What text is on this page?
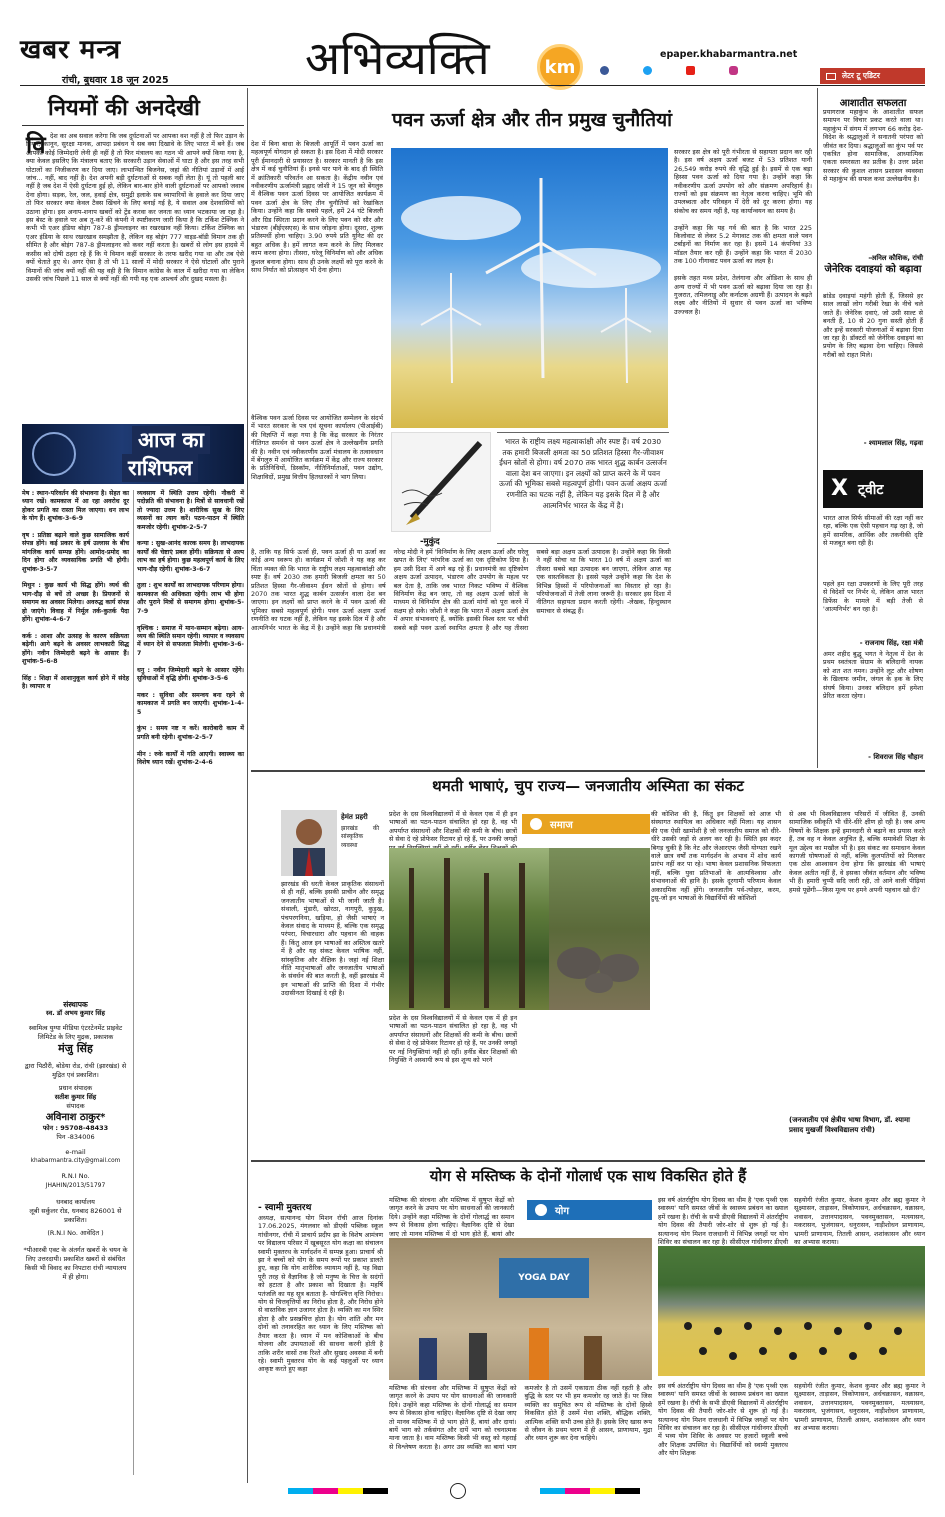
खबर मन्त्र
रांची, बुधवार 18 जून 2025	अभिव्यक्ति	km
epaper.khabarmantra.net
नियमों की अनदेखी
वि देश का अब सवाल करेगा कि जब दुर्घटनाओं पर आपका वश नहीं है तो फिर उड़ान के नियम, कानून, सुरक्षा मानक, आपदा प्रबंधन ये सब क्या दिखावे के लिए भारत में बने हैं। जब आपको कोई जिम्मेदारी लेनी ही नहीं है तो फिर मंत्रालय का गठन भी आपने क्यों किया गया है, क्या केवल इसलिए कि मंत्रालय बताए कि सरकारी उड़ान सेवाओं में घाटा है और इस तरह सभी घोटालों का निजीकरण कर दिया जाए। लाभान्वित बिजनेस, जहां की नीतियां उड़ानों में आई जांच... नहीं, बाद नहीं है। देश अपनी बड़ी दुर्घटनाओं से सबक नहीं लेता है। यूं तो पहली बार नहीं है जब देश में ऐसी दुर्घटना हुई हो, लेकिन बार-बार होने वाली दुर्घटनाओं पर आपको जवाब देना होगा। सड़क, रेल, जल, हवाई क्षेत्र, समुद्री इलाके सब व्यापारियों के हवाले कर दिया जाए तो फिर सरकार क्या केवल टैक्स खिंचने के लिए बनाई गई है, ये सवाल अब देशवासियों को उठाना होगा। इस अनाप-शनाप खबरों को ट्रेंड करवा कर जनता का ध्यान भटकाया जा रहा है। इस बेस्ट के हवाले पर अब तू-करें की कंपनी ने स्पष्टीकरण जारी किया है कि टर्किश टेक्निक ने कभी भी एअर इंडिया बोइंग 787-8 ड्रीमलाइनर का रखरखाव नहीं किया। टर्किश टेक्निक का एअर इंडिया के साथ रखरखाव समझौता है, लेकिन वह बोइंग 777 वाइड-बॉडी विमान तक ही सीमित है और बोइंग 787-8 ड्रीमलाइनर को कवर नहीं करता है। खबरों से लोग इस हादसे में कसीस को दोषी ठहरा रहे हैं कि ये विमान कहीं सरकार के तरफ खरीद गया था और तब ऐसे क्यों चेताते हुए थे। अगर ऐसा है तो भी 11 सालों में मोदी सरकार ने ऐसे घोटालों और पुराने विमानों की जांच क्यों नहीं की यह वही है कि विमान कांग्रेस के काल में खरीदा गया था लेकिन उसकी जांच पिछले 11 साल से क्यों नहीं की गयी यह एक आश्चर्य और दुखद मसला है।
आज का
राशिफल
मेष : स्थान-परिवर्तन की संभावना है। सेहत का ध्यान रखें। कामकाज में आ रहा अवरोध दूर होकर प्रगति का रास्ता मिल जाएगा। धन लाभ के योग हैं। शुभांक-3-6-9

वृष : प्रतिष्ठा बढ़ाने वाले कुछ सामाजिक कार्य संपन्न होंगे। कई प्रकार के हर्ष उल्लास के बीच मांगलिक कार्य सम्पन्न होंगे। आमोद-प्रमोद का दिन होगा और व्यवसायिक प्रगति भी होगी। शुभांक-3-5-7

मिथुन : कुछ कार्य भी सिद्ध होंगे। व्यर्थ की भाग-दौड़ से बचें तो अच्छा है। प्रियजनों से समागम का अवसर मिलेगा। अवरुद्ध कार्य संपन्न हो जाएंगे। विवाह में निर्मूल तर्क-कुतर्क पैदा होंगे। शुभांक-4-6-7

कर्क : आशा और उत्साह के कारण सक्रियता बढ़ेगी। आगे बढ़ने के अवसर लाभकारी सिद्ध होंगे। नवीन जिम्मेदारी बढ़ने के आसार हैं। शुभांक-5-6-8

सिंह : शिक्षा में आशानुकूल कार्य होने में संदेह है। व्यापार व
व्यवसाय में स्थिति उत्तम रहेगी। नौकरी में पदोन्नति की संभावना है। मित्रों से सावधानी रखें तो ज्यादा उत्तम है। शारीरिक सुख के लिए व्यसनों का त्याग करें। पठन-पाठन में स्थिति कमजोर रहेगी। शुभांक-2-5-7

कन्या : सुख-आनंद कारक समय है। लाभदायक कार्यों की चेष्टाएं प्रबल होंगी। सक्रियता से अल्प लाभ का हर्ष होगा। कुछ महत्वपूर्ण कार्य के लिए भाग-दौड़ रहेगी। शुभांक-3-6-7

तुला : शुभ कार्यों का लाभदायक परिणाम होगा। कामकाज की अधिकता रहेगी। लाभ भी होगा और पुराने मित्रों से समागम होगा। शुभांक-5-7-9

वृश्चिक : समाज में मान-सम्मान बढ़ेगा। आय-व्यय की स्थिति समान रहेगी। व्यापार व व्यवसाय में ध्यान देने से सफलता मिलेगी। शुभांक-3-6-7

धनु : नवीन जिम्मेदारी बढ़ने के आसार रहेंगे। सुविधाओं में वृद्धि होगी। शुभांक-3-5-6

मकर : सुविधा और समन्वय बना रहने से कामकाज में प्रगति बन जाएगी। शुभांक-1-4-5

कुंभ : समय नष्ट न करें। कारोबारी काम में प्रगति बनी रहेगी। शुभांक-2-5-7

मीन : रुके कार्यों में गति आएगी। स्वास्थ्य का विशेष ध्यान रखें। शुभांक-2-4-6
संस्थापक
स्व. डॉ अभय कुमार सिंह
स्वामित्व युग्या मीडिया एंटरटेनमेंट प्राइवेट लिमिटेड के लिए मुद्रक, प्रकाशक
मंजु सिंह
द्वारा पिठौरी, बोडेया रोड, रांची (झारखंड) से मुद्रित एवं प्रकाशित।
प्रधान संपादक
सतीश कुमार सिंह
संपादक
अविनाश ठाकुर*
फोन : 95708-48433
पिन -834006
e-mail
khabarmantra.city@gmail.com
R.N.I No.
JHAHIN/2013/51797
धनबाद कार्यालय
लूबी सर्कुलर रोड, धनबाद 826001 से प्रकाशित।
(R.N.I No. आवेदित )
*पीआरबी एक्ट के अंतर्गत खबरों के चयन के लिए उत्तरदायी। प्रकाशित खबरों से संबंधित किसी भी विवाद का निपटारा रांची न्यायालय में ही होगा।
पवन ऊर्जा क्षेत्र और तीन प्रमुख चुनौतियां
देश में बिना बाधा के बिजली आपूर्ति में पवन ऊर्जा का महत्वपूर्ण योगदान हो सकता है। इस दिशा में मोदी सरकार पूरी ईमानदारी से प्रयासरत है। सरकार मानती है कि इस क्षेत्र में कई चुनौतियां हैं। इनसे पार पाने के बाद ही स्थिति में क्रांतिकारी परिवर्तन आ सकता है। केंद्रीय नवीन एवं नवीकरणीय ऊर्जामंत्री प्रह्लाद जोशी ने 15 जून को बेंगलुरु में वैश्विक पवन ऊर्जा दिवस पर आयोजित कार्यक्रम में पवन ऊर्जा क्षेत्र के लिए तीन चुनौतियों को रेखांकित किया। उन्होंने कहा कि सबसे पहले, हमें 24 घंटे बिजली और ग्रिड स्थिरता प्रदान करने के लिए पवन को सौर और भंडारण (बीईएसएस) के साथ जोड़ना होगा। दूसरा, शुल्क प्रतिस्पर्धी होना चाहिए। 3.90 रुपये प्रति यूनिट की दर बहुत अधिक है। हमें लागत कम करने के लिए मिलकर काम करना होगा। तीसरा, घरेलू विनिर्माण को और अधिक कुशल बनाना होगा। साथ ही उनके लक्ष्यों को पूरा करने के साथ निर्यात को प्रोत्साहन भी देना होगा।
वैश्विक पवन ऊर्जा दिवस पर आयोजित सम्मेलन के संदर्भ में भारत सरकार के पत्र एवं सूचना कार्यालय (पीआईबी) की विज्ञप्ति में कहा गया है कि केंद्र सरकार के निरंतर नीतिगत समर्थन से पवन ऊर्जा क्षेत्र ने उल्लेखनीय प्रगति की है। नवीन एवं नवीकरणीय ऊर्जा मंत्रालय के तत्वावधान में बेंगलुरु में आयोजित कार्यक्रम में केंद्र और राज्य सरकार के प्रतिनिधियों, डिस्कॉम, नीतिनिर्माताओं, पवन उद्योग, शिक्षाविदों, प्रमुख वित्तीय हितधारकों ने भाग लिया।
सरकार इस क्षेत्र को पूरी गंभीरता से सहायता प्रदान कर रही है। इस वर्ष अक्षय ऊर्जा बजट में 53 प्रतिशत यानी 26,549 करोड़ रुपये की वृद्धि हुई है। इसमें से एक बड़ा हिस्सा पवन ऊर्जा को दिया गया है। उन्होंने कहा कि नवीकरणीय ऊर्जा उपयोग को और संक्रमण अपरिहार्य है। राज्यों को इस संक्रमण का नेतृत्व करना चाहिए। भूमि की उपलब्धता और परिवहन में देरी को दूर करना होगा। यह संकोच का समय नहीं है, यह कार्यान्वयन का समय है।

उन्होंने कहा कि यह गर्व की बात है कि भारत 225 किलोवाट से लेकर 5.2 मेगावाट तक की क्षमता वाले पवन टर्बाइनों का निर्माण कर रहा है। इसमें 14 कंपनियां 33 मॉडल तैयार कर रही हैं। उन्होंने कहा कि भारत में 2030 तक 100 गीगावाट पवन ऊर्जा का लक्ष्य है।

इसके तहत मध्य प्रदेश, तेलंगाना और ओडिशा के साथ ही अन्य राज्यों में भी पवन ऊर्जा को बढ़ावा दिया जा रहा है। गुजरात, तमिलनाडु और कर्नाटक अग्रणी हैं। उत्पादन के बढ़ते लक्ष्य और नीतियों में सुधार से पवन ऊर्जा का भविष्य उज्ज्वल है।
-मुकुंद
भारत के राष्ट्रीय लक्ष्य महत्वाकांक्षी और स्पष्ट हैं। वर्ष 2030 तक हमारी बिजली क्षमता का 50 प्रतिशत हिस्सा गैर-जीवाश्म ईंधन स्रोतों से होगा। वर्ष 2070 तक भारत शुद्ध कार्बन उत्सर्जन वाला देश बन जाएगा। इन लक्ष्यों को प्राप्त करने के में पवन ऊर्जा की भूमिका सबसे महत्वपूर्ण होगी। पवन ऊर्जा अक्षय ऊर्जा रणनीति का घटक नहीं है, लेकिन यह इसके दिल में है और आत्मनिर्भर भारत के केंद्र में है।
है, ताकि यह सिर्फ ऊर्जा ही, पवन ऊर्जा ही या ऊर्जा का कोई अन्य स्वरूप हो। कार्यक्रम में जोशी ने यह कह कर चिंता व्यक्त की कि भारत के राष्ट्रीय लक्ष्य महत्वाकांक्षी और स्पष्ट हैं। वर्ष 2030 तक हमारी बिजली क्षमता का 50 प्रतिशत हिस्सा गैर-जीवाश्म ईंधन स्रोतों से होगा। वर्ष 2070 तक भारत शुद्ध कार्बन उत्सर्जन वाला देश बन जाएगा। इन लक्ष्यों को प्राप्त करने के में पवन ऊर्जा की भूमिका सबसे महत्वपूर्ण होगी। पवन ऊर्जा अक्षय ऊर्जा रणनीति का घटक नहीं है, लेकिन यह इसके दिल में है और आत्मनिर्भर भारत के केंद्र में है। उन्होंने कहा कि प्रधानमंत्री नरेन्द्र मोदी ने हमें 'विनिर्माण के लिए अक्षय ऊर्जा और घरेलू खपत के लिए' परंपरिक ऊर्जा का एक दृष्टिकोण दिया है। हम उसी दिशा में आगे बढ़ रहे हैं। प्रधानमंत्री का दृष्टिकोण अक्षय ऊर्जा उत्पादन, भंडारण और उपयोग के महत्व पर बल देता है, ताकि जब भारत निकट भविष्य में वैश्विक विनिर्माण केंद्र बन जाए, तो वह अक्षय ऊर्जा स्रोतों के माध्यम से विनिर्माण क्षेत्र की ऊर्जा मांगों को पूरा करने में सक्षम हो सके। जोशी ने कहा कि भारत में अक्षय ऊर्जा क्षेत्र में अपार संभावनाएं हैं, क्योंकि इसकी विश्व स्तर पर चौथी सबसे बड़ी पवन ऊर्जा स्थापित क्षमता है और यह तीसरा सबसे बड़ा अक्षय ऊर्जा उत्पादक है। उन्होंने कहा कि किसी ने नहीं सोचा था कि भारत 10 वर्ष में अक्षय ऊर्जा का तीसरा सबसे बड़ा उत्पादक बन जाएगा, लेकिन आज यह एक वास्तविकता है। इससे पहले उन्होंने कहा कि देश के विभिन्न हिस्सों में परियोजनाओं का विस्तार हो रहा है। परियोजनाओं में तेजी लाना जरूरी है। सरकार इस दिशा में नीतिगत सहायता प्रदान करती रहेगी। -लेखक, हिन्दुस्थान समाचार से संबद्ध हैं।
लेटर टू एडिटर
आशातीत सफलता
प्रयागराज महाकुंभ के आशातीत सफल समापन पर विचार प्रकट करते वाला था। महाकुंभ में संगम में लगभग 66 करोड़ देश-विदेश के श्रद्धालुओं ने सनातनी परंपरा को जीवंत कर दिया। श्रद्धालुओं का कुंभ पर्व पर एकत्रित होना सामाजिक, आध्यात्मिक एकता समरसता का प्रतीक है। उत्तर प्रदेश सरकार की कुशल शासन प्रशासन व्यवस्था से महाकुंभ की सफल कथा उल्लेखनीय है।
-अनिल कौशिक, रांची
जेनेरिक दवाइयां को बढ़ावा
ब्रांडेड दवाइयां महंगी होती हैं, जिससे हर साल लाखों लोग गरीबी रेखा के नीचे चले जाते हैं। जेनेरिक दवाएं, जो उसी साल्ट से बनती हैं, 10 से 20 गुना सस्ती होती हैं और इन्हें सरकारी योजनाओं में बढ़ावा दिया जा रहा है। डॉक्टरों को जेनेरिक दवाइयां का प्रयोग के लिए बढ़ावा देना चाहिए। जिससे गरीबों को राहत मिले।
- श्यामलाल सिंह, गढ़वा
X ट्वीट
भारत आज सिर्फ सीमाओं की रक्षा नहीं कर रहा, बल्कि एक ऐसी पहचान गढ़ रहा है, जो हमें सामरिक, आर्थिक और तकनीकी दृष्टि से मजबूत बना रही है।
पहले हम रक्षा उपकरणों के लिए पूरी तरह से विदेशों पर निर्भर थे, लेकिन आज भारत डिफेंस के मामले में बड़ी तेजी से 'आत्मनिर्भर' बन रहा है।
- राजनाथ सिंह, रक्षा मंत्री
अमर शहीद बुद्धू भगत ने नेतृत्व में देश के प्रथम स्वतंत्रता संग्राम के बलिदानी नायक को शत शत नमन। उन्होंने लूट और शोषण के खिलाफ जमीन, जंगल के हक के लिए संघर्ष किया। उनका बलिदान हमें हमेशा प्रेरित करता रहेगा।
- शिवराज सिंह चौहान
थमती भाषाएं, चुप राज्य— जनजातीय अस्मिता का संकट
हेमंत प्रहरी
झारखंड की सांस्कृतिक व्यवस्था
झारखंड की धरती केवल प्राकृतिक संसाधनों से ही नहीं, बल्कि इसकी प्राचीन और समृद्ध जनजातीय भाषाओं से भी जानी जाती है। संथाली, मुंडारी, खोरठा, नागपुरी, कुड़ुख, पंचपरगनिया, खड़िया, हो जैसी भाषाएं न केवल संवाद के माध्यम हैं, बल्कि एक समृद्ध परंपरा, विचारधारा और पहचान की वाहक हैं। किंतु आज इन भाषाओं का अस्तित्व खतरे में है और यह संकट केवल भाषिक नहीं, सांस्कृतिक और शैक्षिक है। जहां नई शिक्षा नीति मातृभाषाओं और जनजातीय भाषाओं के संवर्धन की बात करती है, वहीं झारखंड में इन भाषाओं की प्राप्ति की दिशा में गंभीर उदासीनता दिखाई दे रही है।
प्रदेश के दस विश्वविद्यालयों में से केवल एक में ही इन भाषाओं का पठन-पाठन संचालित हो रहा है, वह भी अपर्याप्त संसाधनों और शिक्षकों की कमी के बीच। छात्रों से सेवा दे रहे प्रोफेसर रिटायर हो रहे हैं, पर उनकी जगहों
समाज
प्रदेश के दस विश्वविद्यालयों में से केवल एक में ही इन भाषाओं का पठन-पाठन संचालित हो रहा है, वह भी अपर्याप्त संसाधनों और शिक्षकों की कमी के बीच। छात्रों से सेवा दे रहे प्रोफेसर रिटायर हो रहे हैं, पर उनकी जगहों पर नई नियुक्तियां नहीं हो रहीं। हर्नीड बेंडर शिक्षकों की नियुक्ति ने अस्थायी रूप से इस शून्य को भरने
की कोशिश की है, किंतु इन शिक्षकों को आज भी संस्थागत स्थायित्व का अधिकार नहीं मिला। यह शासन की एक ऐसी खामोशी है जो जनजातीय समाज को धीरे-धीरे उसकी जड़ों से अलग कर रही है। स्थिति इस कदर बिगड़ चुकी है कि नेट और जेआरएफ जैसी योग्यता रखने वाले छात्र वर्षों तक मार्गदर्शन के अभाव में शोध कार्य प्रारंभ नहीं कर पा रहे। भाषा केवल प्रशासनिक विफलता नहीं, बल्कि युवा प्रतिभाओं के आत्मविश्वास और संभावनाओं की हानि है। इसके दूरगामी परिणाम केवल अकादमिक नहीं होंगे। जनजातीय पर्व-त्योहार, करम, टुसू-जो इन भाषाओं के विद्यार्थियों की कोशिशों
से अब भी विश्वविद्यालय परिसरों में जीवित हैं, उनकी सामाजिक स्वीकृति भी धीरे-धीरे क्षीण हो रही है। जब अन्य विषयों के शिक्षक इन्हें इमानदारी से बढ़ाने का प्रयास करते हैं, तब वह न केवल अनुचित है, बल्कि समावेशी शिक्षा के मूल उद्देश्य का मखौल भी है। इस संकट का समाधान केवल कागजी घोषणाओं से नहीं, बल्कि कुलपतियों को मिलकर एक ठोस आश्वासन देना होगा कि झारखंड की भाषाएं केवल अतीत नहीं हैं, वे इसका जीवंत वर्तमान और भविष्य भी हैं। हमारी चुप्पी सदि जारी रही, तो आने वाली पीढ़ियां हमसे पूछेंगी—किस मूल्य पर हमने अपनी पहचान खो दी?
(जनजातीय एवं क्षेत्रीय भाषा विभाग, डॉ. श्यामा प्रसाद मुखर्जी विश्वविद्यालय रांची)
योग से मस्तिष्क के दोनों गोलार्ध एक साथ विकसित होते हैं
- स्वामी मुक्तरथ
अध्यक्ष, सत्यानन्द योग मिशन रॉची आज दिनांक 17.06.2025, मंगलवार को डीएवी पब्लिक स्कूल गांधीनगर, रॉची में प्राचार्य प्रदीप झा के विशेष आमंत्रण पर विद्यालय परिसर में खूबसूरत योग कक्षा का संचालन स्वामी मुक्तरथ के मार्गदर्शन में सम्पन्न हुआ। प्राचार्य श्री झा ने बच्चों को योग के समय रूपों पर प्रकाश डालते हुए, कहा कि योग शारीरिक व्यायाम नहीं है, यह विद्या पूरी तरह से वैज्ञानिक है जो मनुष्य के चित्त के सदंगों को हटाता है और प्रकाश को दिखाता है। महर्षि पतंजलि का यह सूत्र बताता है- योगश्चित्त वृत्ति निरोधः। योग से चित्तवृत्तियों का निरोध होता है, और निरोध होने से वास्तविक ज्ञान उजागर होता है। व्यक्ति का मन स्थिर होता है और प्रसन्नचित्त होता है। योग शांति और मन दोनों को तनावरहित कर ध्यान के लिए मस्तिष्क को तैयार करता है। ध्यान में मन कोशिकाओं के बीच योजना और उपायताओं की साधना करनी होती है ताकि शरीर वासों तक रिश्ते और सुखद अवस्था में बनी रहे। स्वामी मुक्तरथ योग के कई पहलुओं पर ध्यान आकृष्ट करते हुए कहा
मस्तिष्क की संरचना और मस्तिष्क में सुषुप्त केंद्रों को जागृत करने के उपाय पर योग साधनाओं की जानकारी दिये। उन्होंने कहा मस्तिष्क के दोनों गोलार्द्ध का समान रूप से विकास होना चाहिए। वैज्ञानिक दृष्टि से देखा जाए तो मानव मस्तिष्क में दो भाग होते हैं, बायां और
योग
YOGA DAY
मस्तिष्क की संरचना और मस्तिष्क में सुषुप्त केंद्रों को जागृत करने के उपाय पर योग साधनाओं की जानकारी दिये। उन्होंने कहा मस्तिष्क के दोनों गोलार्द्ध का समान रूप से विकास होना चाहिए। वैज्ञानिक दृष्टि से देखा जाए तो मानव मस्तिष्क में दो भाग होते हैं, बायां और दायां। बायें भाग को तर्कसंगत और दायें भाग को रचनात्मक माना जाता है। वाम मस्तिष्क किसी भी वस्तु को गहराई से विश्लेषण करता है। अगर उस व्यक्ति का बायां भाग कमजोर है तो उसमें एकाग्रता ठीक नहीं रहती है और बुद्धि के स्तर पर भी हम कमजोर रह जाते हैं। पर जिस व्यक्ति का समुचित रूप से मस्तिष्क के दोनों हिस्से विकसित होते हैं उसमें मेधा शक्ति, बौद्धिक शक्ति, आत्मिक शक्ति सभी उच्च होते हैं। इसके लिए खास रूप से जीवन के प्रथम चरण में ही आसन, प्राणायाम, मुद्रा और ध्यान शुरू कर देना चाहिये।
इस वर्ष अंतर्राष्ट्रीय योग दिवस का थीम है 'एक पृथ्वी एक स्वास्थ्य' यानि समस्त जीवों के स्वास्थ्य प्रबंधन का ख्याल हमें रखना है। रॉची के सभी डीएवी विद्यालयों में अंतर्राष्ट्रीय योग दिवस की तैयारी जोर-शोर से शुरू हो गई है। सत्यानन्द योग मिशन राजधानी में विभिन्न जगहों पर योग शिविर का संचालन कर रहा है। सीसीएल गांधीनगर डीएवी
इस वर्ष अंतर्राष्ट्रीय योग दिवस का थीम है 'एक पृथ्वी एक स्वास्थ्य' यानि समस्त जीवों के स्वास्थ्य प्रबंधन का ख्याल हमें रखना है। रॉची के सभी डीएवी विद्यालयों में अंतर्राष्ट्रीय योग दिवस की तैयारी जोर-शोर से शुरू हो गई है। सत्यानन्द योग मिशन राजधानी में विभिन्न जगहों पर योग शिविर का संचालन कर रहा है। सीसीएल गांधीनगर डीएवी में भव्य योग शिविर के अवसर पर हजारों स्कूली बच्चे और शिक्षक उपस्थित थे। विद्यार्थियों को स्वामी मुक्तरथ और योग शिक्षक
सहयोगी रंजीत कुमार, केशव कुमार और ब्रह्म कुमार ने सूक्ष्मासन, ताड़ासन, त्रिकोणासन, अर्धचक्रासन, वक्रासन, शवासन, उत्तानपादासन, पवनमुक्तासन, मत्स्यासन, मकरासन, भुजंगासन, धनुरासन, नाड़ीशोधन प्राणायाम, भ्रामरी प्राणायाम, तितली आसन, शशांकासन और ध्यान का अभ्यास कराया।
सहयोगी रंजीत कुमार, केशव कुमार और ब्रह्म कुमार ने सूक्ष्मासन, ताड़ासन, त्रिकोणासन, अर्धचक्रासन, वक्रासन, शवासन, उत्तानपादासन, पवनमुक्तासन, मत्स्यासन, मकरासन, भुजंगासन, धनुरासन, नाड़ीशोधन प्राणायाम, भ्रामरी प्राणायाम, तितली आसन, शशांकासन और ध्यान का अभ्यास कराया।
